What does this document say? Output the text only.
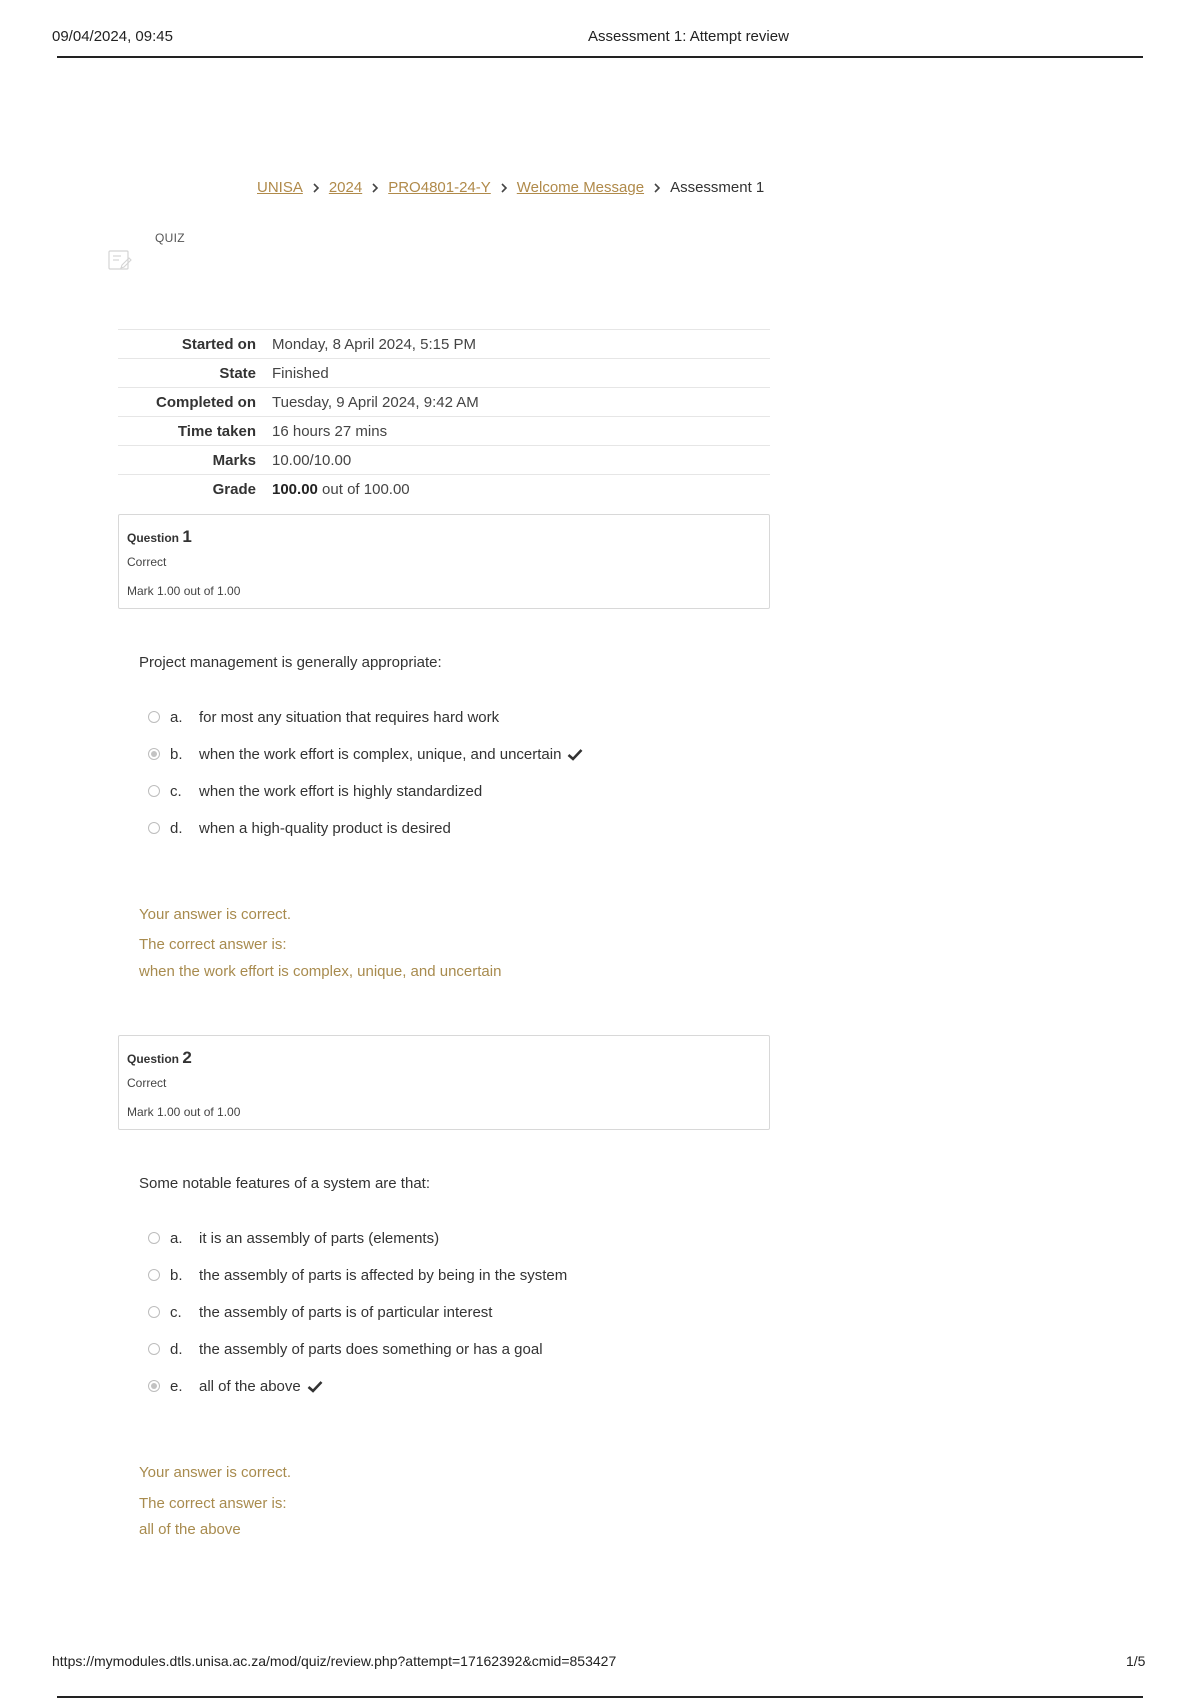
09/04/2024, 09:45	Assessment 1: Attempt review
UNISA 2024 PRO4801-24-Y Welcome Message Assessment 1
QUIZ
Started on	Monday, 8 April 2024, 5:15 PM
State	Finished
Completed on	Tuesday, 9 April 2024, 9:42 AM
Time taken	16 hours 27 mins
Marks	10.00/10.00
Grade	100.00 out of 100.00
Question 1
Correct
Mark 1.00 out of 1.00
Project management is generally appropriate:
a.	for most any situation that requires hard work
b.	when the work effort is complex, unique, and uncertain
c.	when the work effort is highly standardized
d.	when a high-quality product is desired
Your answer is correct.
The correct answer is:
when the work effort is complex, unique, and uncertain
Question 2
Correct
Mark 1.00 out of 1.00
Some notable features of a system are that:
a.	it is an assembly of parts (elements)
b.	the assembly of parts is affected by being in the system
c.	the assembly of parts is of particular interest
d.	the assembly of parts does something or has a goal
e.	all of the above
Your answer is correct.
The correct answer is:
all of the above
https://mymodules.dtls.unisa.ac.za/mod/quiz/review.php?attempt=17162392&cmid=853427	1/5
